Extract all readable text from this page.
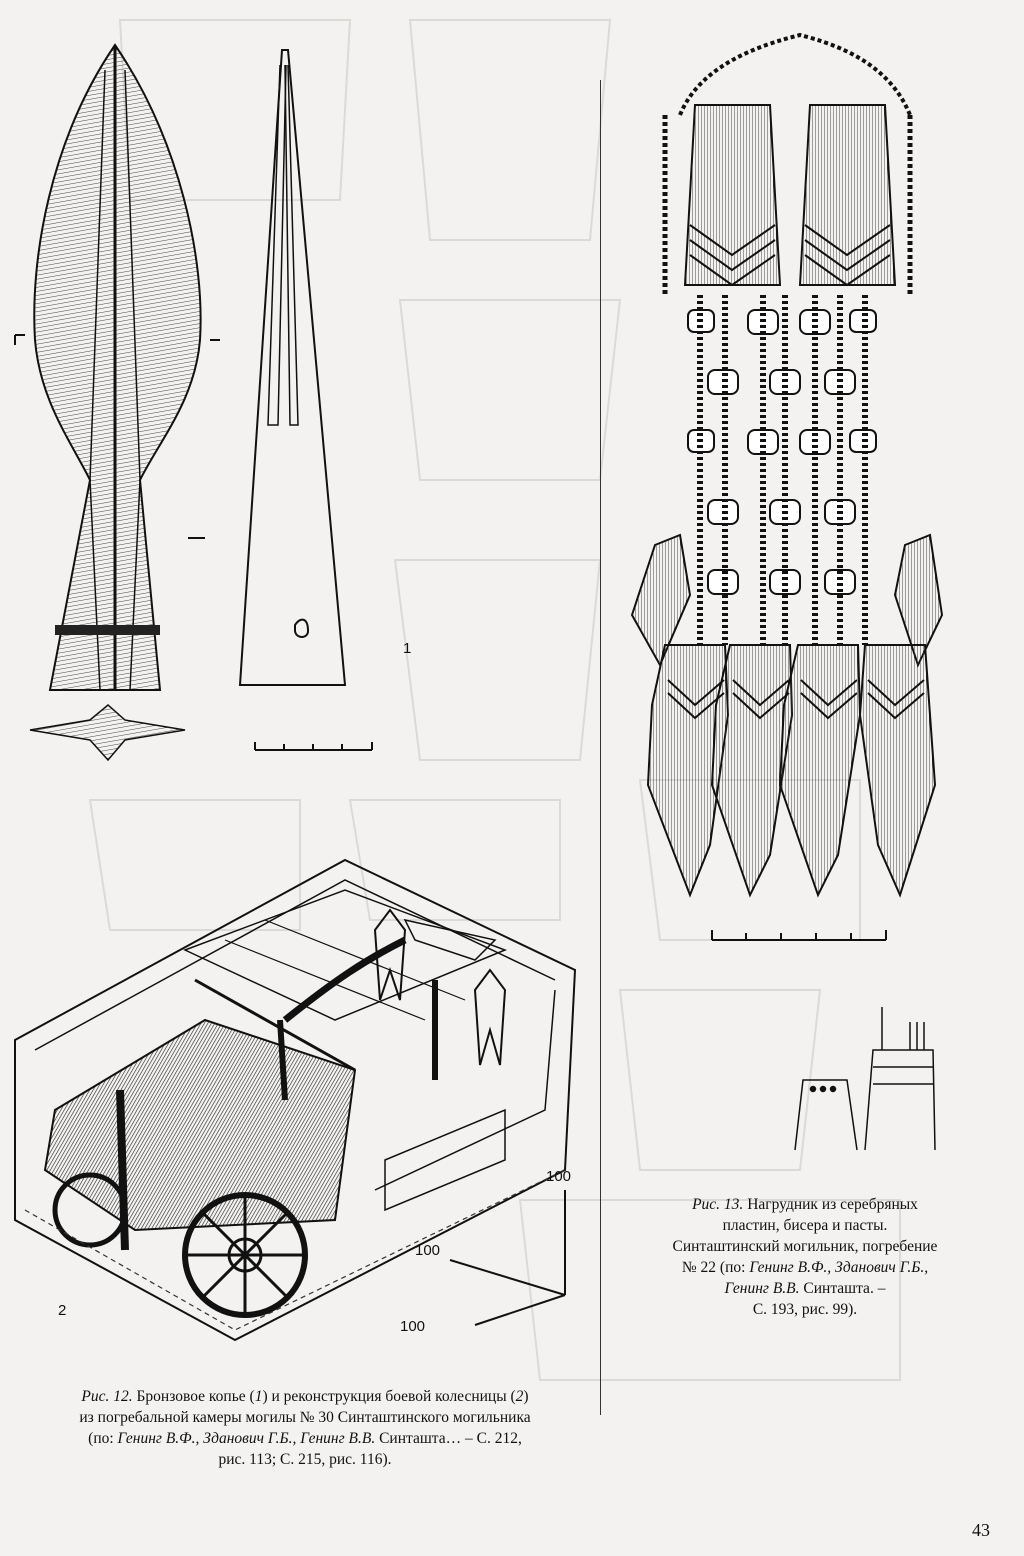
1
100
100
100
2
Рис. 12. Бронзовое копье (1) и реконструкция боевой колесницы (2)
из погребальной камеры могилы № 30 Синташтинского могильника
(по: Генинг В.Ф., Зданович Г.Б., Генинг В.В. Синташта… – С. 212,
рис. 113; С. 215, рис. 116).
Рис. 13. Нагрудник из серебряных
пластин, бисера и пасты.
Синташтинский могильник, погребение
№ 22 (по: Генинг В.Ф., Зданович Г.Б.,
Генинг В.В. Синташта. –
С. 193, рис. 99).
43
